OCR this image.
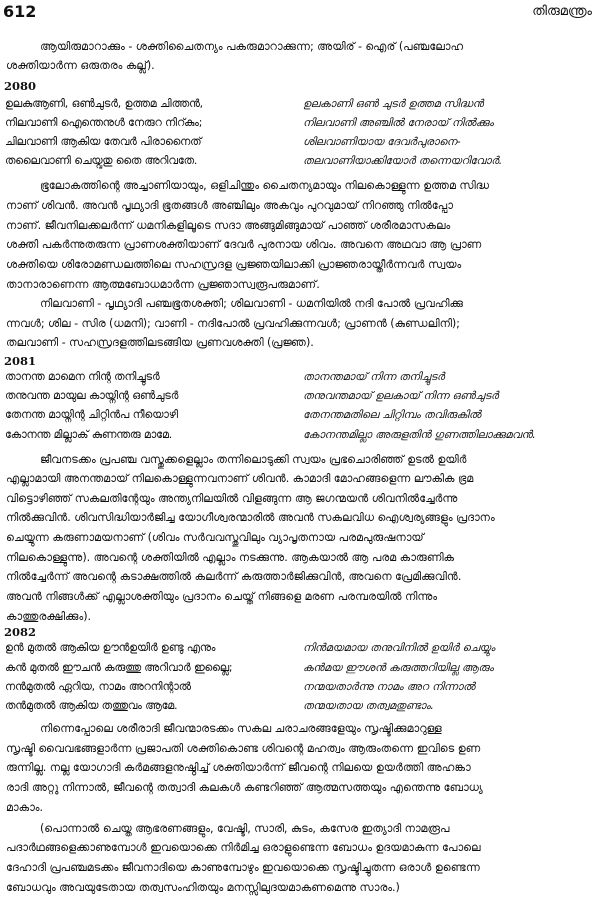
612	തിരുമന്ത്രം

ആയിരുമാറാക്കും - ശക്തിചൈതന്യം പകരുമാറാക്കുന്ന; അയിര് - ഐര് (പഞ്ചലോഹ
ശക്തിയാർന്ന ഒരുതരം കല്ല്).

2080
ഉലകുആണി, ഒൺചുടർ, ഉത്തമ ചിത്തൻ,	ഉലകാണി ഒൺ ചുടർ ഉത്തമ സിദ്ധൻ
നിലവാണി ഐന്തെനുൾ നേരുറ നിറ്കും;	നിലവാണി അഞ്ചിൽ നേരായ് നിൽക്കും
ചിലവാണി ആകിയ തേവർ പിരാനൈത്	ശിലവാണിയായ ദേവർപുരാനെ-
തലൈവാണി ചെയ്വതു തൈ അറിവതേ.	തലവാണിയാക്കിയോർ തന്നെയറിവോർ.

ഭൂലോകത്തിന്റെ അച്ചാണിയായും, ഒളിചിന്തും ചൈതന്യമായും നിലകൊള്ളുന്ന ഉത്തമ സിദ്ധ
നാണ് ശിവൻ. അവൻ പൃഥ്യാദി ഭൂതങ്ങൾ അഞ്ചിലും അകവും പുറവുമായ് നിറഞ്ഞു നിൽപ്പോ
നാണ്. ജീവനിലക്കലർന്ന് ധമനികളിലൂടെ സദാ അങ്ങുമിങ്ങുമായ് പാഞ്ഞ് ശരീരമാസകലം
ശക്തി പകർന്നുതരുന്ന പ്രാണശക്തിയാണ് ദേവർ പുരനായ ശിവം. അവനെ അഥവാ ആ പ്രാണ
ശക്തിയെ ശിരോമണ്ഡലത്തിലെ സഹസ്രദള പ്രജ്ഞയിലാക്കി പ്രാജ്ഞരായ്തീർന്നവർ സ്വയം
താനാരാണെന്ന ആത്മബോധമാർന്ന പ്രജ്ഞാസ്വരൂപരുമാണ്.

നിലവാണി - പൃഥ്യാദി പഞ്ചഭൂതശക്തി; ശിലവാണി - ധമനിയിൽ നദി പോൽ പ്രവഹിക്കു
ന്നവൾ; ശില - സിര (ധമനി); വാണി - നദിപോൽ പ്രവഹിക്കുന്നവൾ; പ്രാണൻ (കുണ്ഡലിനി);
തലവാണി - സഹസ്രദളത്തിലടങ്ങിയ പ്രണവശക്തി (പ്രജ്ഞ).

2081
താനന്ത മാമെന നിന്റ തനിച്ചുടർ	താനന്തമായ് നിന്ന തനിച്ചുടർ
തനുവന്ത മായുല കായ്നിന്റ ഒൺചുടർ	തനുവന്തമായ് ഉലകായ് നിന്ന ഒൺചുടർ
തേനന്ത മായ്നിന്റ ചിറ്റിൻപ നീയൊഴി	തേനന്തമതിലെ ചിറ്റിമ്പം തവിരുകിൽ
കോനന്ത മില്ലാക് കുണന്തരു മാമേ.	കോനന്തമില്ലാ അരുളതിൻ ഗുണത്തിലാക്കുമവൻ.

ജീവനടക്കം പ്രപഞ്ച വസ്തുക്കളെല്ലാം തന്നിലൊടുക്കി സ്വയം പ്രഭചൊരിഞ്ഞ് ഉടൽ ഉയിർ
എല്ലാമായി അനന്തമായ് നിലകൊള്ളുന്നവനാണ് ശിവൻ. കാമാദി മോഹങ്ങളെന്ന ലൗകിക ഭ്രമ
വിട്ടൊഴിഞ്ഞ് സകലതിന്റേയും അന്ത്യനിലയിൽ വിളങ്ങുന്ന ആ ജഗന്മയൻ ശിവനിൽച്ചേർന്നു
നിൽക്കുവിൻ. ശിവസിദ്ധിയാർജിച്ച യോഗീശ്വരന്മാരിൽ അവൻ സകലവിധ ഐശ്വര്യങ്ങളും പ്രദാനം
ചെയ്യുന്ന കരുണാമയനാണ് (ശിവം സർവവസ്തുവിലും വ്യാപൃതനായ പരമപുരുഷനായ്
നിലകൊള്ളുന്നു). അവന്റെ ശക്തിയിൽ എല്ലാം നടക്കുന്നു. ആകയാൽ ആ പരമ കാരുണിക
നിൽച്ചേർന്ന് അവന്റെ കടാക്ഷത്തിൽ കലർന്ന് കരുത്താർജിക്കുവിൻ, അവനെ പ്രേമിക്കുവിൻ.
അവൻ നിങ്ങൾക്ക് എല്ലാശക്തിയും പ്രദാനം ചെയ്ത് നിങ്ങളെ മരണ പരമ്പരയിൽ നിന്നും
കാത്തുരക്ഷിക്കും).

2082
ഉൻ മുതൽ ആകിയ ഊൻഉയിർ ഉണ്ടു എനും	നിൻമയമായ തനുവിനിൽ ഉയിർ ചെയ്യും
കൻ മുതൽ ഈചൻ കരുത്തു അറിവാർ ഇല്ലൈ;	കൻമയ ഈശൻ കരുത്തറിയില്ല ആരും
നൻമുതൽ ഏറിയ, നാമം അറനിന്റാൽ	നന്മയതാർന്നു നാമം അറ നിന്നാൽ
തൻമുതൽ ആകിയ തത്തുവം ആമേ.	തന്മയതായ തത്വമതുണ്ടാം.

നിന്നെപ്പോലെ ശരീരാദി ജീവന്മാരടക്കം സകല ചരാചരങ്ങളേയും സൃഷ്ടിക്കുമാറുള്ള
സൃഷ്ടി വൈവഭങ്ങളാർന്ന പ്രജാപതി ശക്തികൊണ്ട ശിവന്റെ മഹത്വം ആരുംതന്നെ ഇവിടെ ഉണ
രുന്നില്ല. നല്ല യോഗാദി കർമങ്ങളനുഷ്ഠിച്ച് ശക്തിയാർന്ന് ജീവന്റെ നിലയെ ഉയർത്തി അഹങ്കാ
രാദി അറ്റു നിന്നാൽ, ജീവന്റെ തത്വാദി കലകൾ കണ്ടറിഞ്ഞ് ആത്മസത്തയും എന്തെന്നു ബോധ്യ
മാകാം.

(പൊന്നാൽ ചെയ്ത ആഭരണങ്ങളും, വേഷ്ടി, സാരി, കുടം, കസേര ഇത്യാദി നാമരൂപ
പദാർഥങ്ങളെക്കാണുമ്പോൾ ഇവയൊക്കെ നിർമിച്ച ഒരാളുണ്ടെന്ന ബോധം ഉദയമാകുന്ന പോലെ
ദേഹാദി പ്രപഞ്ചമടക്കം ജീവനാദിയെ കാണുമ്പോഴും ഇവയൊക്കെ സൃഷ്ടിച്ചുതന്ന ഒരാൾ ഉണ്ടെന്ന
ബോധവും അവയുടേതായ തത്വസംഹിതയും മനസ്സിലുദയമാകണമെന്നു സാരം.)
